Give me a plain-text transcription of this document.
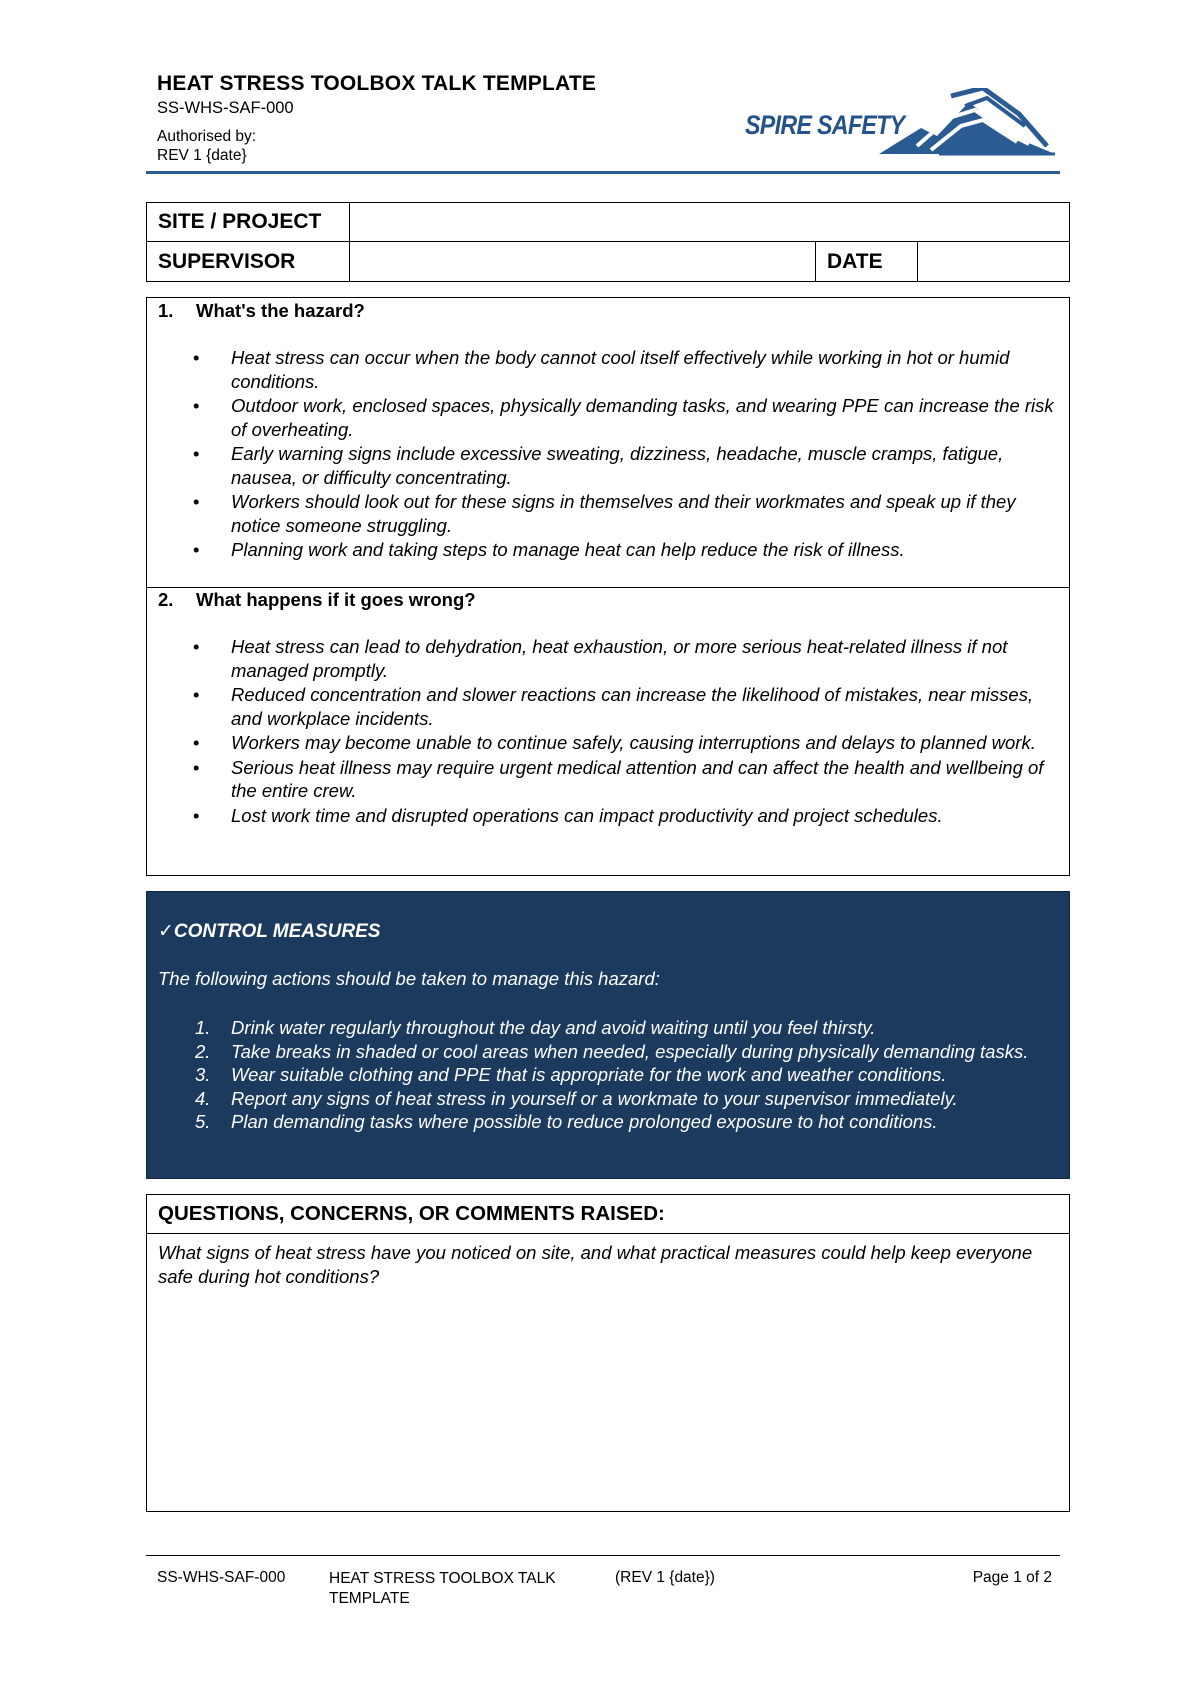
HEAT STRESS TOOLBOX TALK TEMPLATE
SS-WHS-SAF-000
Authorised by:
REV 1 {date}
SPIRE SAFETY
SITE / PROJECT
SUPERVISOR	DATE
1. What's the hazard?
• Heat stress can occur when the body cannot cool itself effectively while working in hot or humid conditions.
• Outdoor work, enclosed spaces, physically demanding tasks, and wearing PPE can increase the risk of overheating.
• Early warning signs include excessive sweating, dizziness, headache, muscle cramps, fatigue, nausea, or difficulty concentrating.
• Workers should look out for these signs in themselves and their workmates and speak up if they notice someone struggling.
• Planning work and taking steps to manage heat can help reduce the risk of illness.
2. What happens if it goes wrong?
• Heat stress can lead to dehydration, heat exhaustion, or more serious heat-related illness if not managed promptly.
• Reduced concentration and slower reactions can increase the likelihood of mistakes, near misses, and workplace incidents.
• Workers may become unable to continue safely, causing interruptions and delays to planned work.
• Serious heat illness may require urgent medical attention and can affect the health and wellbeing of the entire crew.
• Lost work time and disrupted operations can impact productivity and project schedules.
✓CONTROL MEASURES
The following actions should be taken to manage this hazard:
1. Drink water regularly throughout the day and avoid waiting until you feel thirsty.
2. Take breaks in shaded or cool areas when needed, especially during physically demanding tasks.
3. Wear suitable clothing and PPE that is appropriate for the work and weather conditions.
4. Report any signs of heat stress in yourself or a workmate to your supervisor immediately.
5. Plan demanding tasks where possible to reduce prolonged exposure to hot conditions.
QUESTIONS, CONCERNS, OR COMMENTS RAISED:
What signs of heat stress have you noticed on site, and what practical measures could help keep everyone safe during hot conditions?
SS-WHS-SAF-000	HEAT STRESS TOOLBOX TALK TEMPLATE
(REV 1 {date})	Page 1 of 2
